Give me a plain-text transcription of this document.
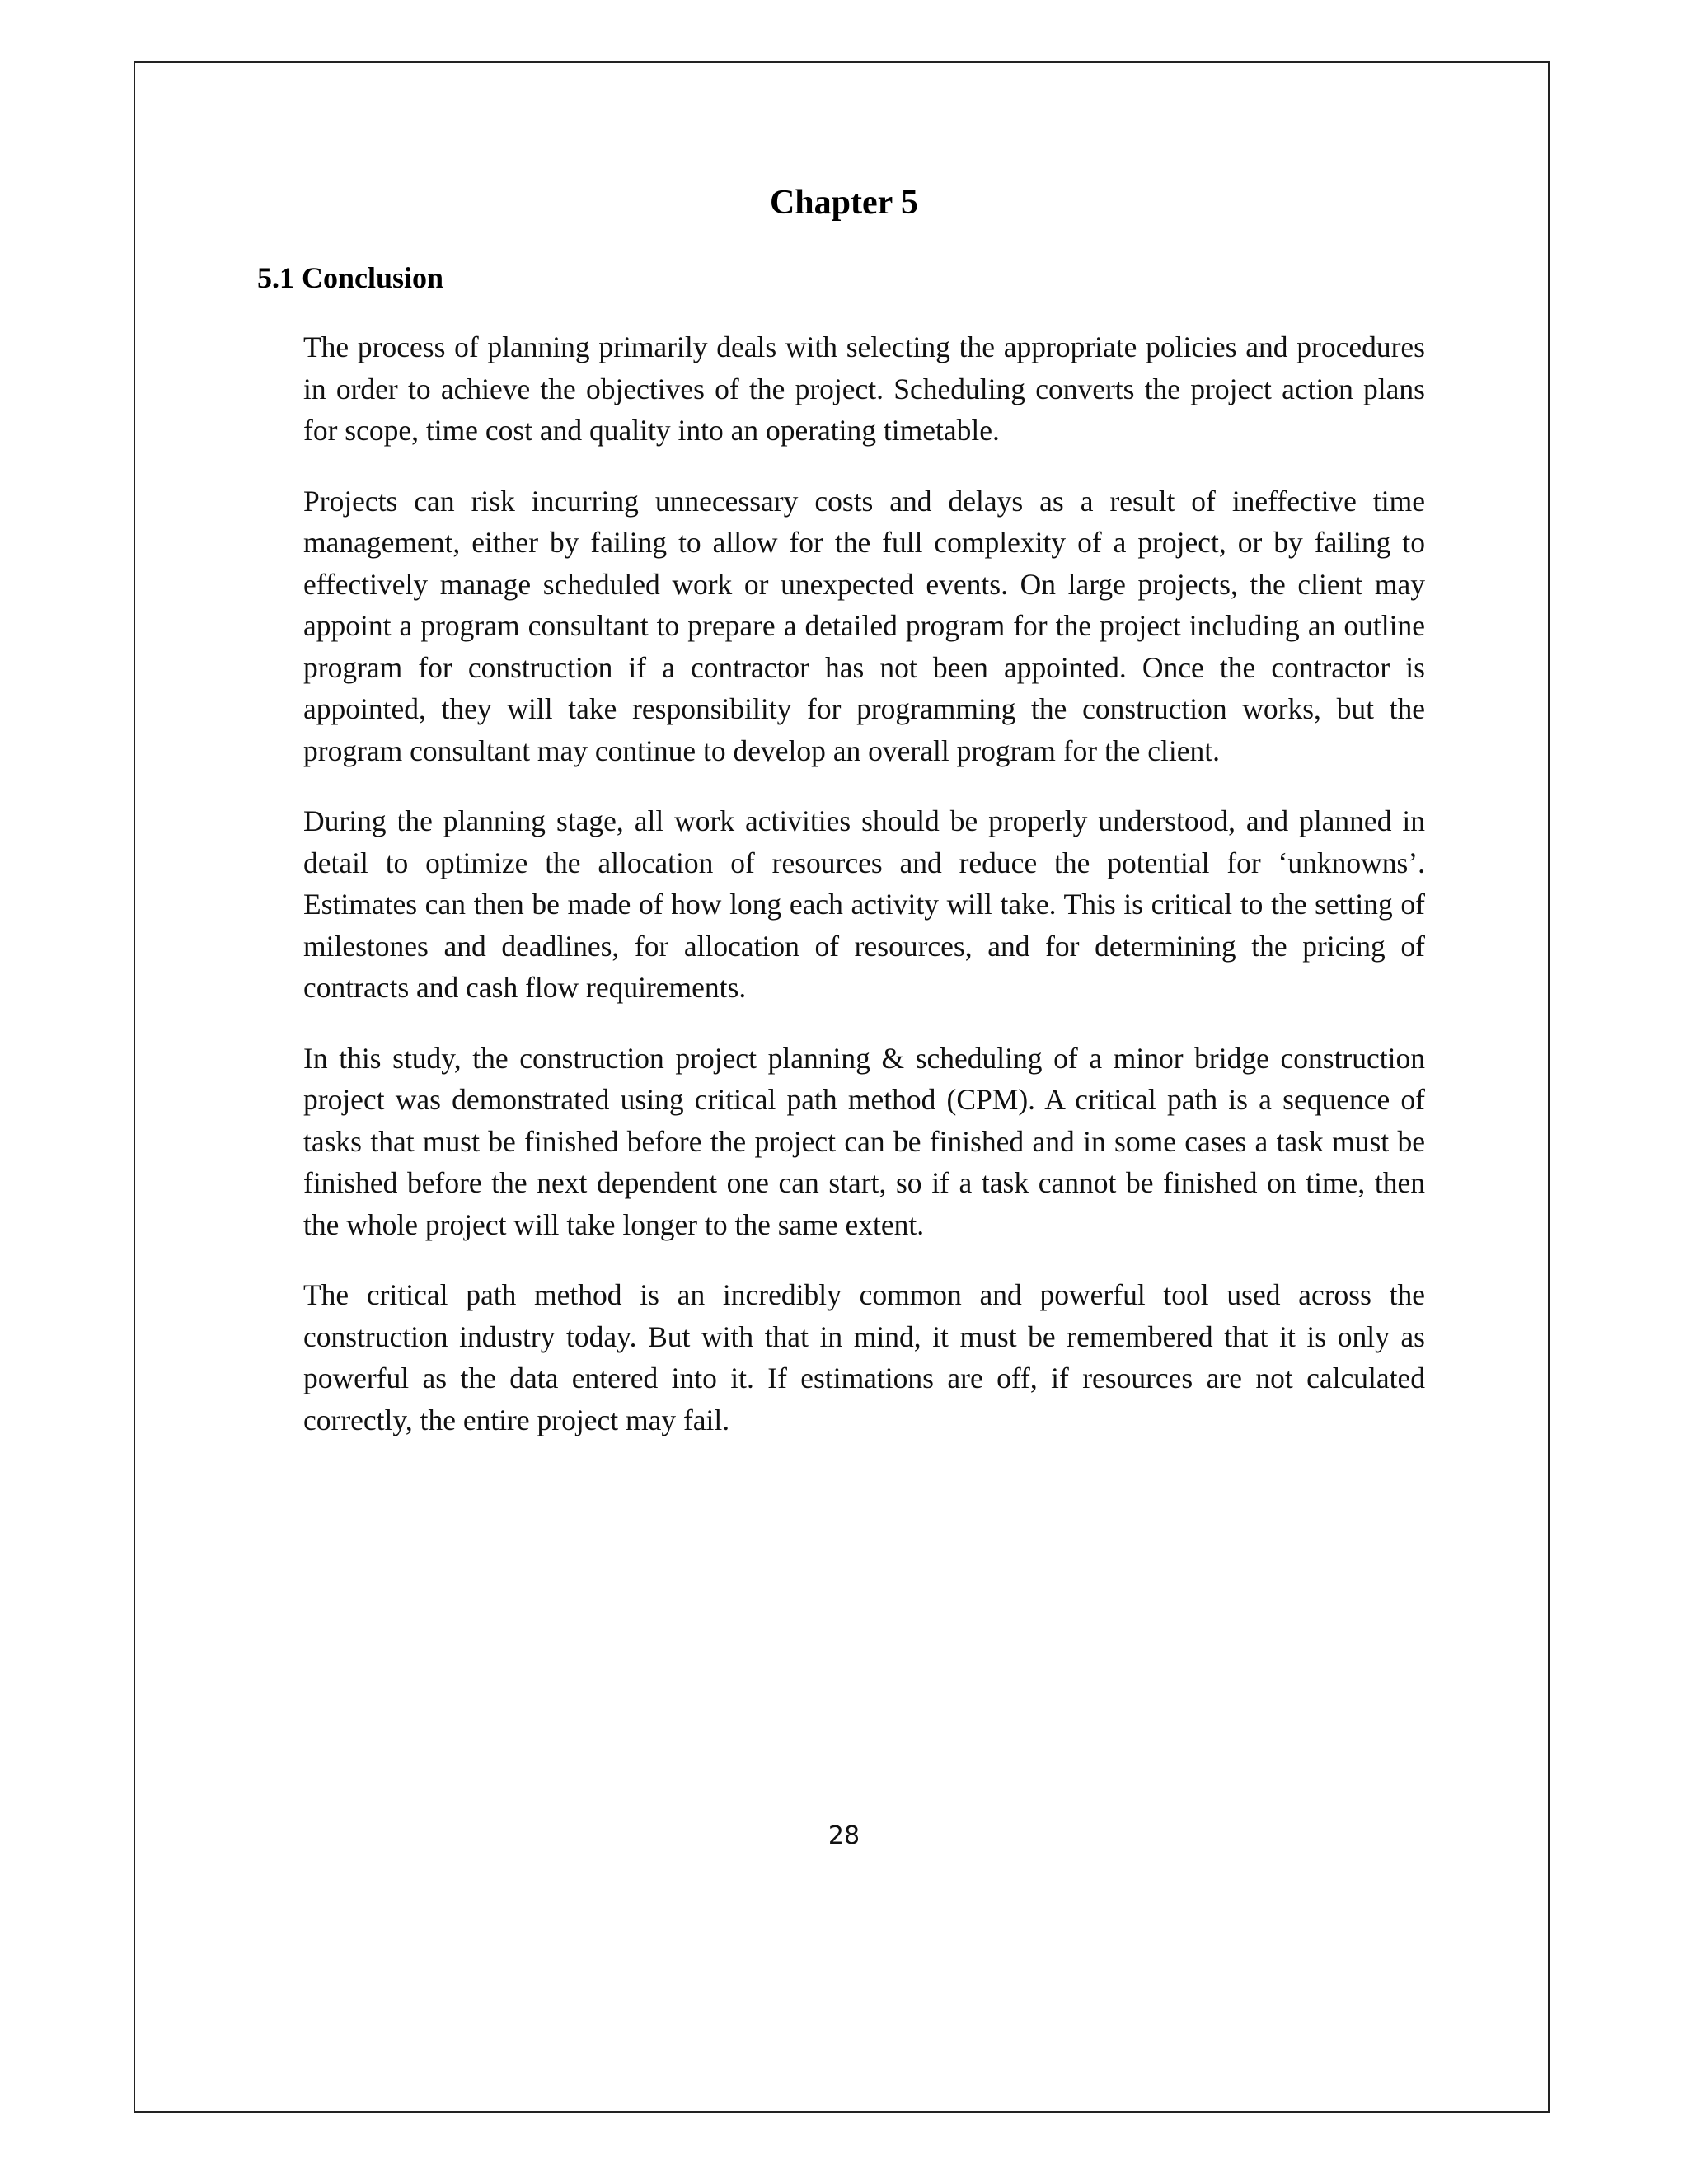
Chapter 5
5.1 Conclusion

The process of planning primarily deals with selecting the appropriate policies and procedures in order to achieve the objectives of the project. Scheduling converts the project action plans for scope, time cost and quality into an operating timetable.

Projects can risk incurring unnecessary costs and delays as a result of ineffective time management, either by failing to allow for the full complexity of a project, or by failing to effectively manage scheduled work or unexpected events. On large projects, the client may appoint a program consultant to prepare a detailed program for the project including an outline program for construction if a contractor has not been appointed. Once the contractor is appointed, they will take responsibility for programming the construction works, but the program consultant may continue to develop an overall program for the client.

During the planning stage, all work activities should be properly understood, and planned in detail to optimize the allocation of resources and reduce the potential for ‘unknowns’. Estimates can then be made of how long each activity will take. This is critical to the setting of milestones and deadlines, for allocation of resources, and for determining the pricing of contracts and cash flow requirements.

In this study, the construction project planning & scheduling of a minor bridge construction project was demonstrated using critical path method (CPM). A critical path is a sequence of tasks that must be finished before the project can be finished and in some cases a task must be finished before the next dependent one can start, so if a task cannot be finished on time, then the whole project will take longer to the same extent.

The critical path method is an incredibly common and powerful tool used across the construction industry today. But with that in mind, it must be remembered that it is only as powerful as the data entered into it. If estimations are off, if resources are not calculated correctly, the entire project may fail.

28
